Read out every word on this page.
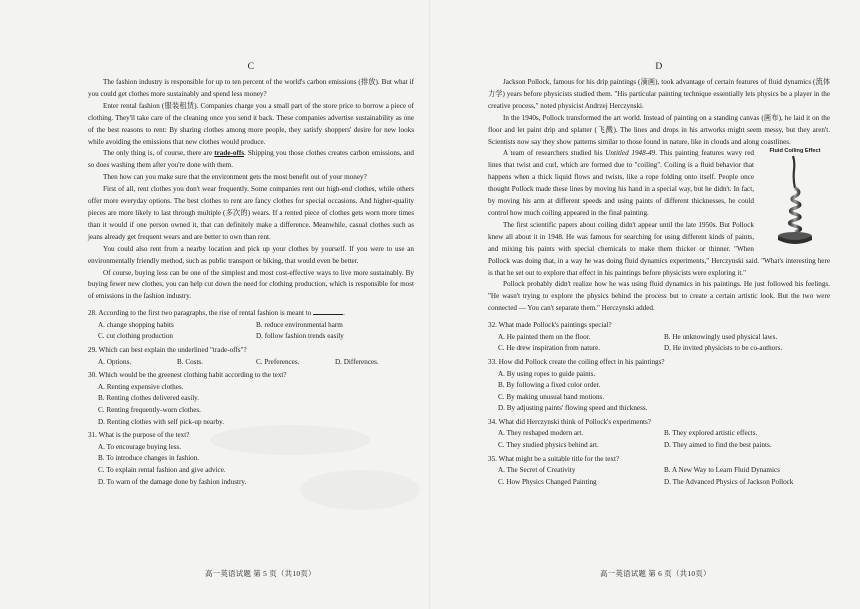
C

The fashion industry is responsible for up to ten percent of the world's carbon emissions (排放). But what if you could get clothes more sustainably and spend less money?

Enter rental fashion (服装租赁). Companies charge you a small part of the store price to borrow a piece of clothing. They'll take care of the cleaning once you send it back. These companies advertise sustainability as one of the best reasons to rent: By sharing clothes among more people, they satisfy shoppers' desire for new looks while avoiding the emissions that new clothes would produce.

The only thing is, of course, there are trade-offs. Shipping you those clothes creates carbon emissions, and so does washing them after you're done with them.

Then how can you make sure that the environment gets the most benefit out of your money?

First of all, rent clothes you don't wear frequently. Some companies rent out high-end clothes, while others offer more everyday options. The best clothes to rent are fancy clothes for special occasions. And higher-quality pieces are more likely to last through multiple (多次的) wears. If a rented piece of clothes gets worn more times than it would if one person owned it, that can definitely make a difference. Meanwhile, casual clothes such as jeans already get frequent wears and are better to own than rent.

You could also rent from a nearby location and pick up your clothes by yourself. If you were to use an environmentally friendly method, such as public transport or biking, that would even be better.

Of course, buying less can be one of the simplest and most cost-effective ways to live more sustainably. By buying fewer new clothes, you can help cut down the need for clothing production, which is responsible for most of emissions in the fashion industry.

28. According to the first two paragraphs, the rise of rental fashion is meant to	.
A. change shopping habits	B. reduce environmental harm
C. cut clothing production	D. follow fashion trends easily
29. Which can best explain the underlined "trade-offs"?
A. Options.	B. Costs.	C. Preferences.	D. Differences.
30. Which would be the greenest clothing habit according to the text?
A. Renting expensive clothes.
B. Renting clothes delivered easily.
C. Renting frequently-worn clothes.
D. Renting clothes with self pick-up nearby.
31. What is the purpose of the text?
A. To encourage buying less.
B. To introduce changes in fashion.
C. To explain rental fashion and give advice.
D. To warn of the damage done by fashion industry.
高一英语试题 第 5 页（共10页）
D

Jackson Pollock, famous for his drip paintings (滴画), took advantage of certain features of fluid dynamics (流体力学) years before physicists studied them. "His particular painting technique essentially lets physics be a player in the creative process," noted physicist Andrzej Herczynski.

In the 1940s, Pollock transformed the art world. Instead of painting on a standing canvas (画布), he laid it on the floor and let paint drip and splatter (飞溅). The lines and drops in his artworks might seem messy, but they aren't. Scientists now say they show patterns similar to those found in nature, like in clouds and along coastlines.

Fluid Coiling Effect

A team of researchers studied his Untitled 1948-49. This painting features wavy red lines that twist and curl, which are formed due to "coiling". Coiling is a fluid behavior that happens when a thick liquid flows and twists, like a rope folding onto itself. People once thought Pollock made these lines by moving his hand in a special way, but he didn't. In fact, by moving his arm at different speeds and using paints of different thicknesses, he could control how much coiling appeared in the final painting.

The first scientific papers about coiling didn't appear until the late 1950s. But Pollock knew all about it in 1948. He was famous for searching for using different kinds of paints, and mixing his paints with special chemicals to make them thicker or thinner. "When Pollock was doing that, in a way he was doing fluid dynamics experiments," Herczynski said. "What's interesting here is that he set out to explore that effect in his paintings before physicists were exploring it."

Pollock probably didn't realize how he was using fluid dynamics in his paintings. He just followed his feelings. "He wasn't trying to explore the physics behind the process but to create a certain artistic look. But the two were connected — You can't separate them." Herczynski added.

32. What made Pollock's paintings special?
A. He painted them on the floor.	B. He unknowingly used physical laws.
C. He drew inspiration from nature.	D. He invited physicists to be co-authors.
33. How did Pollock create the coiling effect in his paintings?
A. By using ropes to guide paints.
B. By following a fixed color order.
C. By making unusual hand motions.
D. By adjusting paints' flowing speed and thickness.
34. What did Herczynski think of Pollock's experiments?
A. They reshaped modern art.	B. They explored artistic effects.
C. They studied physics behind art.	D. They aimed to find the best paints.
35. What might be a suitable title for the text?
A. The Secret of Creativity	B. A New Way to Learn Fluid Dynamics
C. How Physics Changed Painting	D. The Advanced Physics of Jackson Pollock
高一英语试题 第 6 页（共10页）
